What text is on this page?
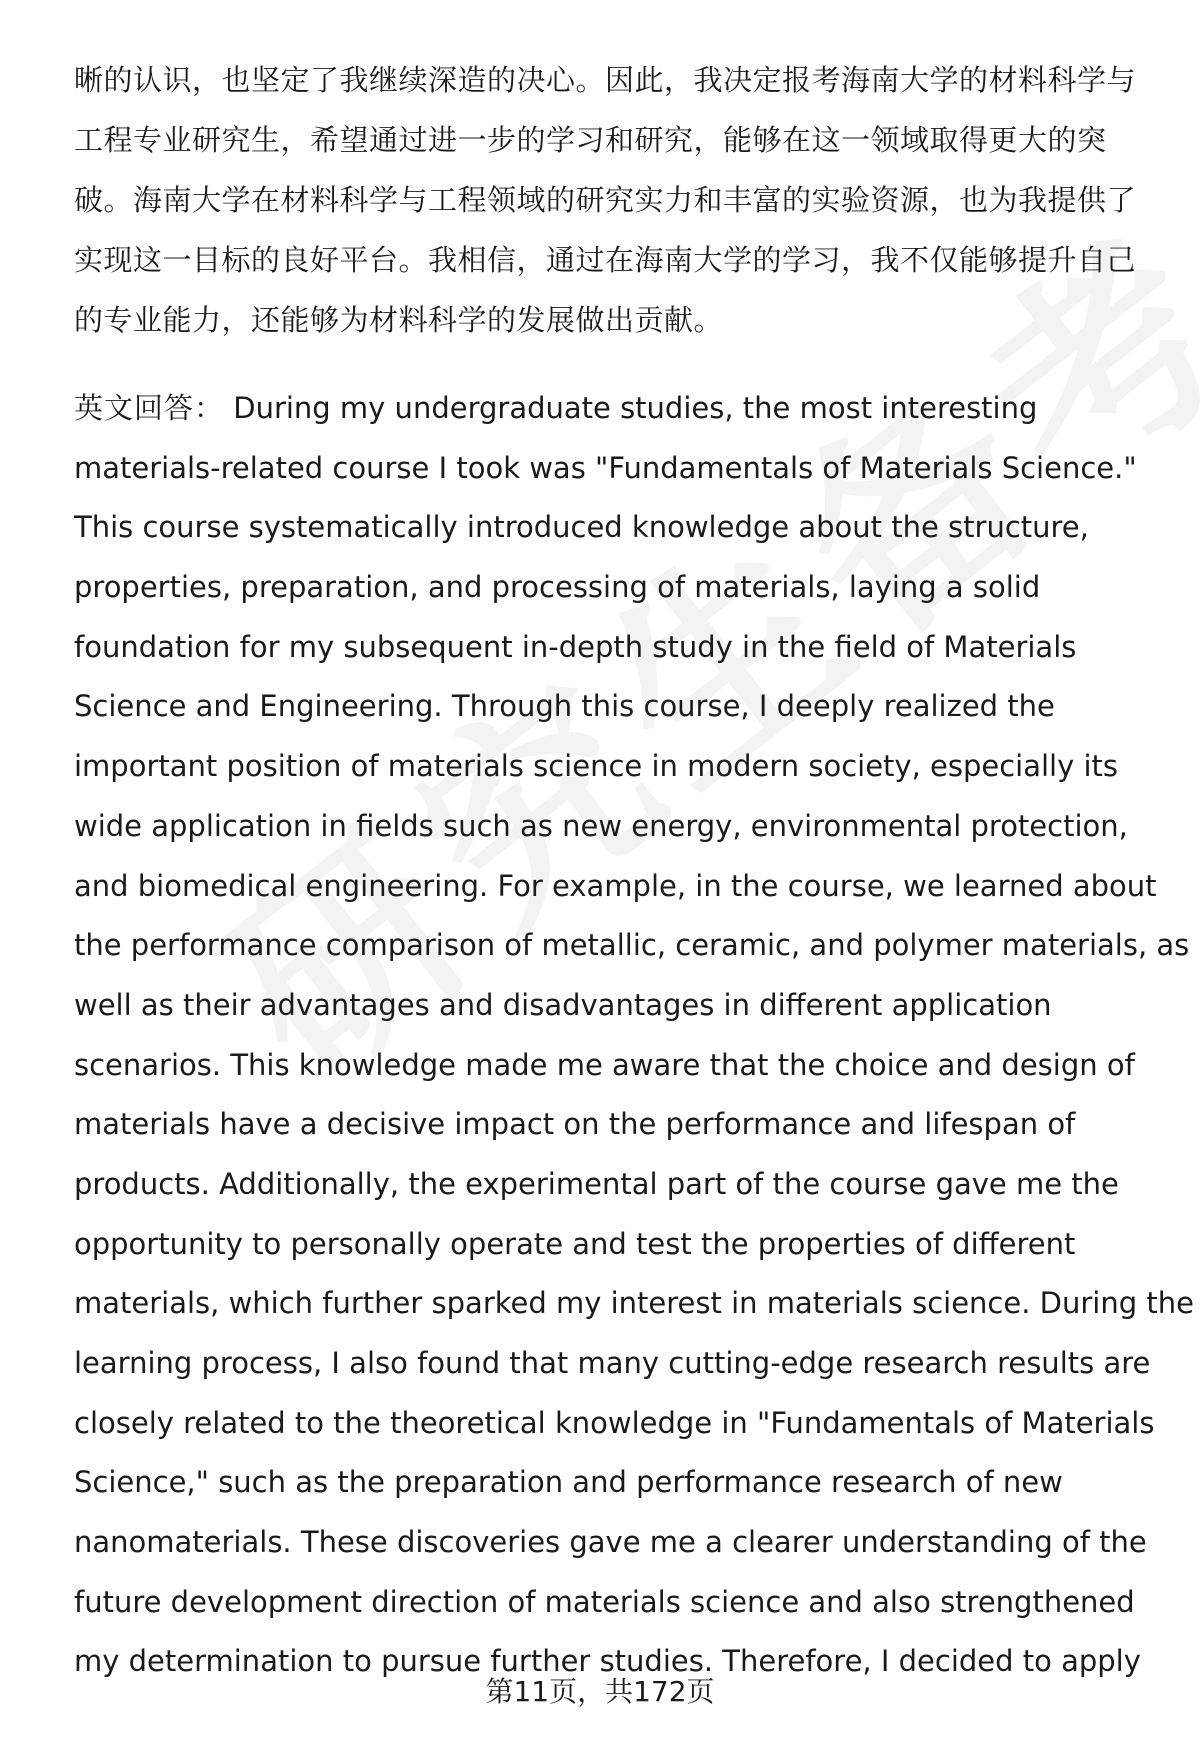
晰的认识，也坚定了我继续深造的决心。因此，我决定报考海南大学的材料科学与
工程专业研究生，希望通过进一步的学习和研究，能够在这一领域取得更大的突
破。海南大学在材料科学与工程领域的研究实力和丰富的实验资源，也为我提供了
实现这一目标的良好平台。我相信，通过在海南大学的学习，我不仅能够提升自己
的专业能力，还能够为材料科学的发展做出贡献。
英文回答： During my undergraduate studies, the most interesting
materials-related course I took was "Fundamentals of Materials Science."
This course systematically introduced knowledge about the structure,
properties, preparation, and processing of materials, laying a solid
foundation for my subsequent in-depth study in the field of Materials
Science and Engineering. Through this course, I deeply realized the
important position of materials science in modern society, especially its
wide application in fields such as new energy, environmental protection,
and biomedical engineering. For example, in the course, we learned about
the performance comparison of metallic, ceramic, and polymer materials, as
well as their advantages and disadvantages in different application
scenarios. This knowledge made me aware that the choice and design of
materials have a decisive impact on the performance and lifespan of
products. Additionally, the experimental part of the course gave me the
opportunity to personally operate and test the properties of different
materials, which further sparked my interest in materials science. During the
learning process, I also found that many cutting-edge research results are
closely related to the theoretical knowledge in "Fundamentals of Materials
Science," such as the preparation and performance research of new
nanomaterials. These discoveries gave me a clearer understanding of the
future development direction of materials science and also strengthened
my determination to pursue further studies. Therefore, I decided to apply
第11页，共172页
